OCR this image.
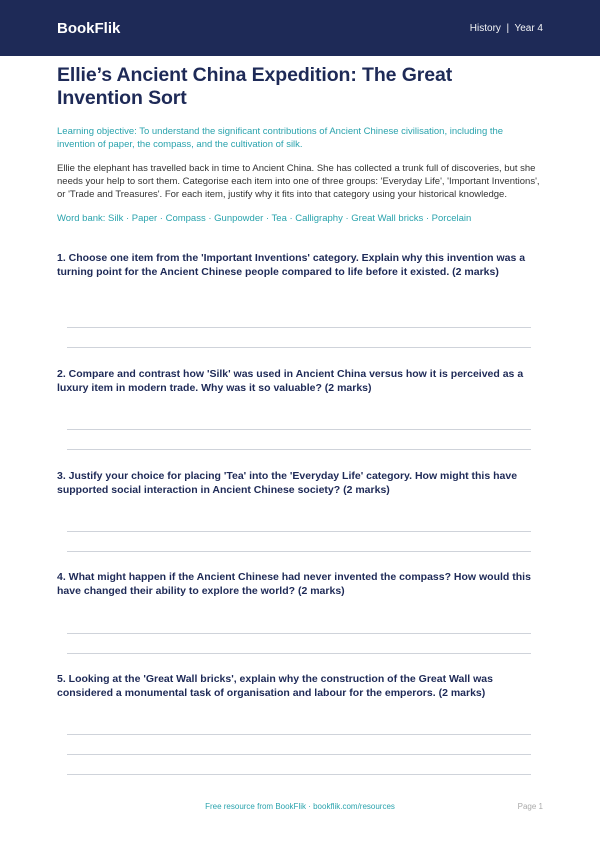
BookFlik	History  |  Year 4
Ellie’s Ancient China Expedition: The Great Invention Sort
Learning objective: To understand the significant contributions of Ancient Chinese civilisation, including the invention of paper, the compass, and the cultivation of silk.
Ellie the elephant has travelled back in time to Ancient China. She has collected a trunk full of discoveries, but she needs your help to sort them. Categorise each item into one of three groups: 'Everyday Life', 'Important Inventions', or 'Trade and Treasures'. For each item, justify why it fits into that category using your historical knowledge.
Word bank: Silk · Paper · Compass · Gunpowder · Tea · Calligraphy · Great Wall bricks · Porcelain
1. Choose one item from the 'Important Inventions' category. Explain why this invention was a turning point for the Ancient Chinese people compared to life before it existed. (2 marks)
2. Compare and contrast how 'Silk' was used in Ancient China versus how it is perceived as a luxury item in modern trade. Why was it so valuable? (2 marks)
3. Justify your choice for placing 'Tea' into the 'Everyday Life' category. How might this have supported social interaction in Ancient Chinese society? (2 marks)
4. What might happen if the Ancient Chinese had never invented the compass? How would this have changed their ability to explore the world? (2 marks)
5. Looking at the 'Great Wall bricks', explain why the construction of the Great Wall was considered a monumental task of organisation and labour for the emperors. (2 marks)
Free resource from BookFlik · bookflik.com/resources	Page 1
